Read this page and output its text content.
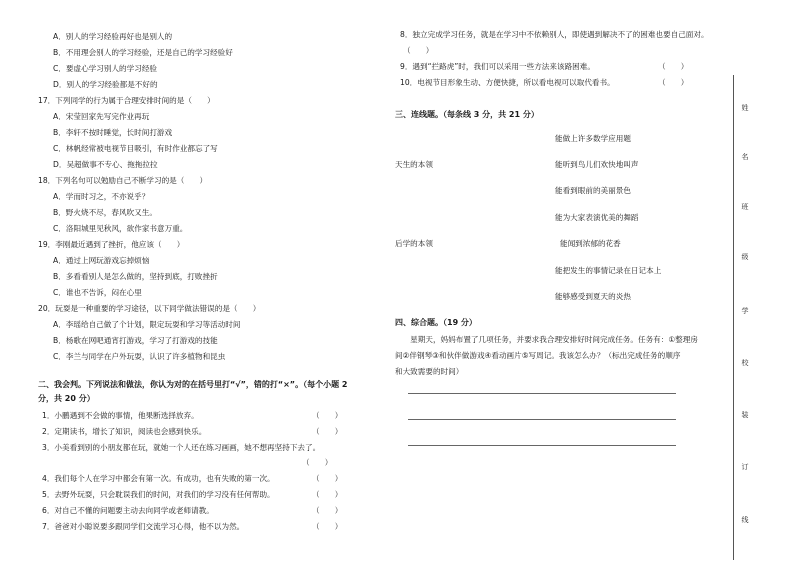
A．别人的学习经验再好也是别人的
B．不用理会别人的学习经验，还是自己的学习经验好
C．要虚心学习别人的学习经验
D．别人的学习经验都是不好的
17．下列同学的行为属于合理安排时间的是（　　）
A．宋莹回家先写完作业再玩
B．李轩不按时睡觉，长时间打游戏
C．林帆经常被电视节目吸引，有时作业都忘了写
D．吴超做事不专心、拖拖拉拉
18．下列名句可以勉励自己不断学习的是（　　）
A．学而时习之，不亦说乎？
B．野火烧不尽，春风吹又生。
C．洛阳城里见秋风，欲作家书意万重。
19．李刚最近遇到了挫折，他应该（　　）
A．通过上网玩游戏忘掉烦恼
B．多看看别人是怎么做的，坚持到底，打败挫折
C．谁也不告诉，闷在心里
20．玩耍是一种重要的学习途径，以下同学做法错误的是（　　）
A．李瑶给自己做了个计划，限定玩耍和学习等活动时间
B．杨歌在网吧通宵打游戏，学习了打游戏的技能
C．李兰与同学在户外玩耍，认识了许多植物和昆虫
二、我会判。下列说法和做法，你认为对的在括号里打“√”，错的打“×”。（每个小题 2
分，共 20 分）
1．小鹏遇到不会做的事情，他果断选择放弃。	（　　）
2．定期读书，增长了知识，阅读也会感到快乐。	（　　）
3．小美看到别的小朋友都在玩，就她一个人还在练习画画，她不想再坚持下去了。
（　　）
4．我们每个人在学习中都会有第一次。有成功，也有失败的第一次。	（　　）
5．去野外玩耍，只会耽误我们的时间，对我们的学习没有任何帮助。	（　　）
6．对自己不懂的问题要主动去向同学或老师请教。	（　　）
7．爸爸对小聪说要多跟同学们交流学习心得，他不以为然。	（　　）
8．独立完成学习任务，就是在学习中不依赖别人，即使遇到解决不了的困难也要自己面对。
（　　）
9．遇到“拦路虎”时，我们可以采用一些方法来该路困难。	（　　）
10．电视节目形象生动、方便快捷，所以看电视可以取代看书。	（　　）
三、连线题。（每条线 3 分，共 21 分）
能做上许多数学应用题
天生的本领	能听到鸟儿们欢快地叫声
能看到眼前的美丽景色
能为大家表演优美的舞蹈
后学的本领	能闻到浓郁的花香
能把发生的事情记录在日记本上
能够感受到夏天的炎热
四、综合题。（19 分）
　　星期天，妈妈布置了几项任务，并要求我合理安排好时间完成任务。任务有：①整理房
间②伴钢琴③和伙伴做游戏④看动画片⑤写周记。我该怎么办？（标出完成任务的顺序
和大致需要的时间）
姓
名
班
级
学
校
装
订
线
